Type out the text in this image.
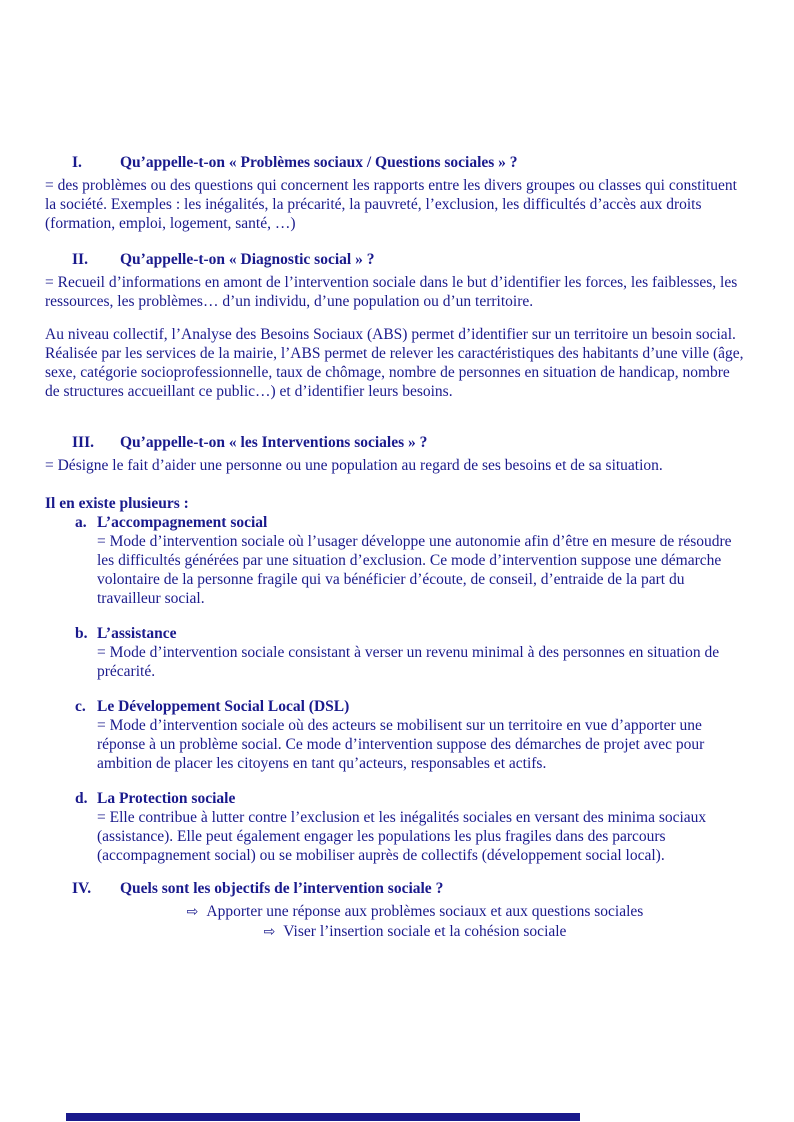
I. Qu’appelle-t-on « Problèmes sociaux / Questions sociales » ?

= des problèmes ou des questions qui concernent les rapports entre les divers groupes ou classes qui constituent la société. Exemples : les inégalités, la précarité, la pauvreté, l’exclusion, les difficultés d’accès aux droits (formation, emploi, logement, santé, …)

II. Qu’appelle-t-on « Diagnostic social » ?

= Recueil d’informations en amont de l’intervention sociale dans le but d’identifier les forces, les faiblesses, les ressources, les problèmes… d’un individu, d’une population ou d’un territoire.

Au niveau collectif, l’Analyse des Besoins Sociaux (ABS) permet d’identifier sur un territoire un besoin social. Réalisée par les services de la mairie, l’ABS permet de relever les caractéristiques des habitants d’une ville (âge, sexe, catégorie socioprofessionnelle, taux de chômage, nombre de personnes en situation de handicap, nombre de structures accueillant ce public…) et d’identifier leurs besoins.

III. Qu’appelle-t-on « les Interventions sociales » ?

= Désigne le fait d’aider une personne ou une population au regard de ses besoins et de sa situation.

Il en existe plusieurs :

a. L’accompagnement social
= Mode d’intervention sociale où l’usager développe une autonomie afin d’être en mesure de résoudre les difficultés générées par une situation d’exclusion. Ce mode d’intervention suppose une démarche volontaire de la personne fragile qui va bénéficier d’écoute, de conseil, d’entraide de la part du travailleur social.
b. L’assistance
= Mode d’intervention sociale consistant à verser un revenu minimal à des personnes en situation de précarité.
c. Le Développement Social Local (DSL)
= Mode d’intervention sociale où des acteurs se mobilisent sur un territoire en vue d’apporter une réponse à un problème social. Ce mode d’intervention suppose des démarches de projet avec pour ambition de placer les citoyens en tant qu’acteurs, responsables et actifs.
d. La Protection sociale
= Elle contribue à lutter contre l’exclusion et les inégalités sociales en versant des minima sociaux (assistance). Elle peut également engager les populations les plus fragiles dans des parcours (accompagnement social) ou se mobiliser auprès de collectifs (développement social local).
IV. Quels sont les objectifs de l’intervention sociale ?
⇨ Apporter une réponse aux problèmes sociaux et aux questions sociales
⇨ Viser l’insertion sociale et la cohésion sociale
